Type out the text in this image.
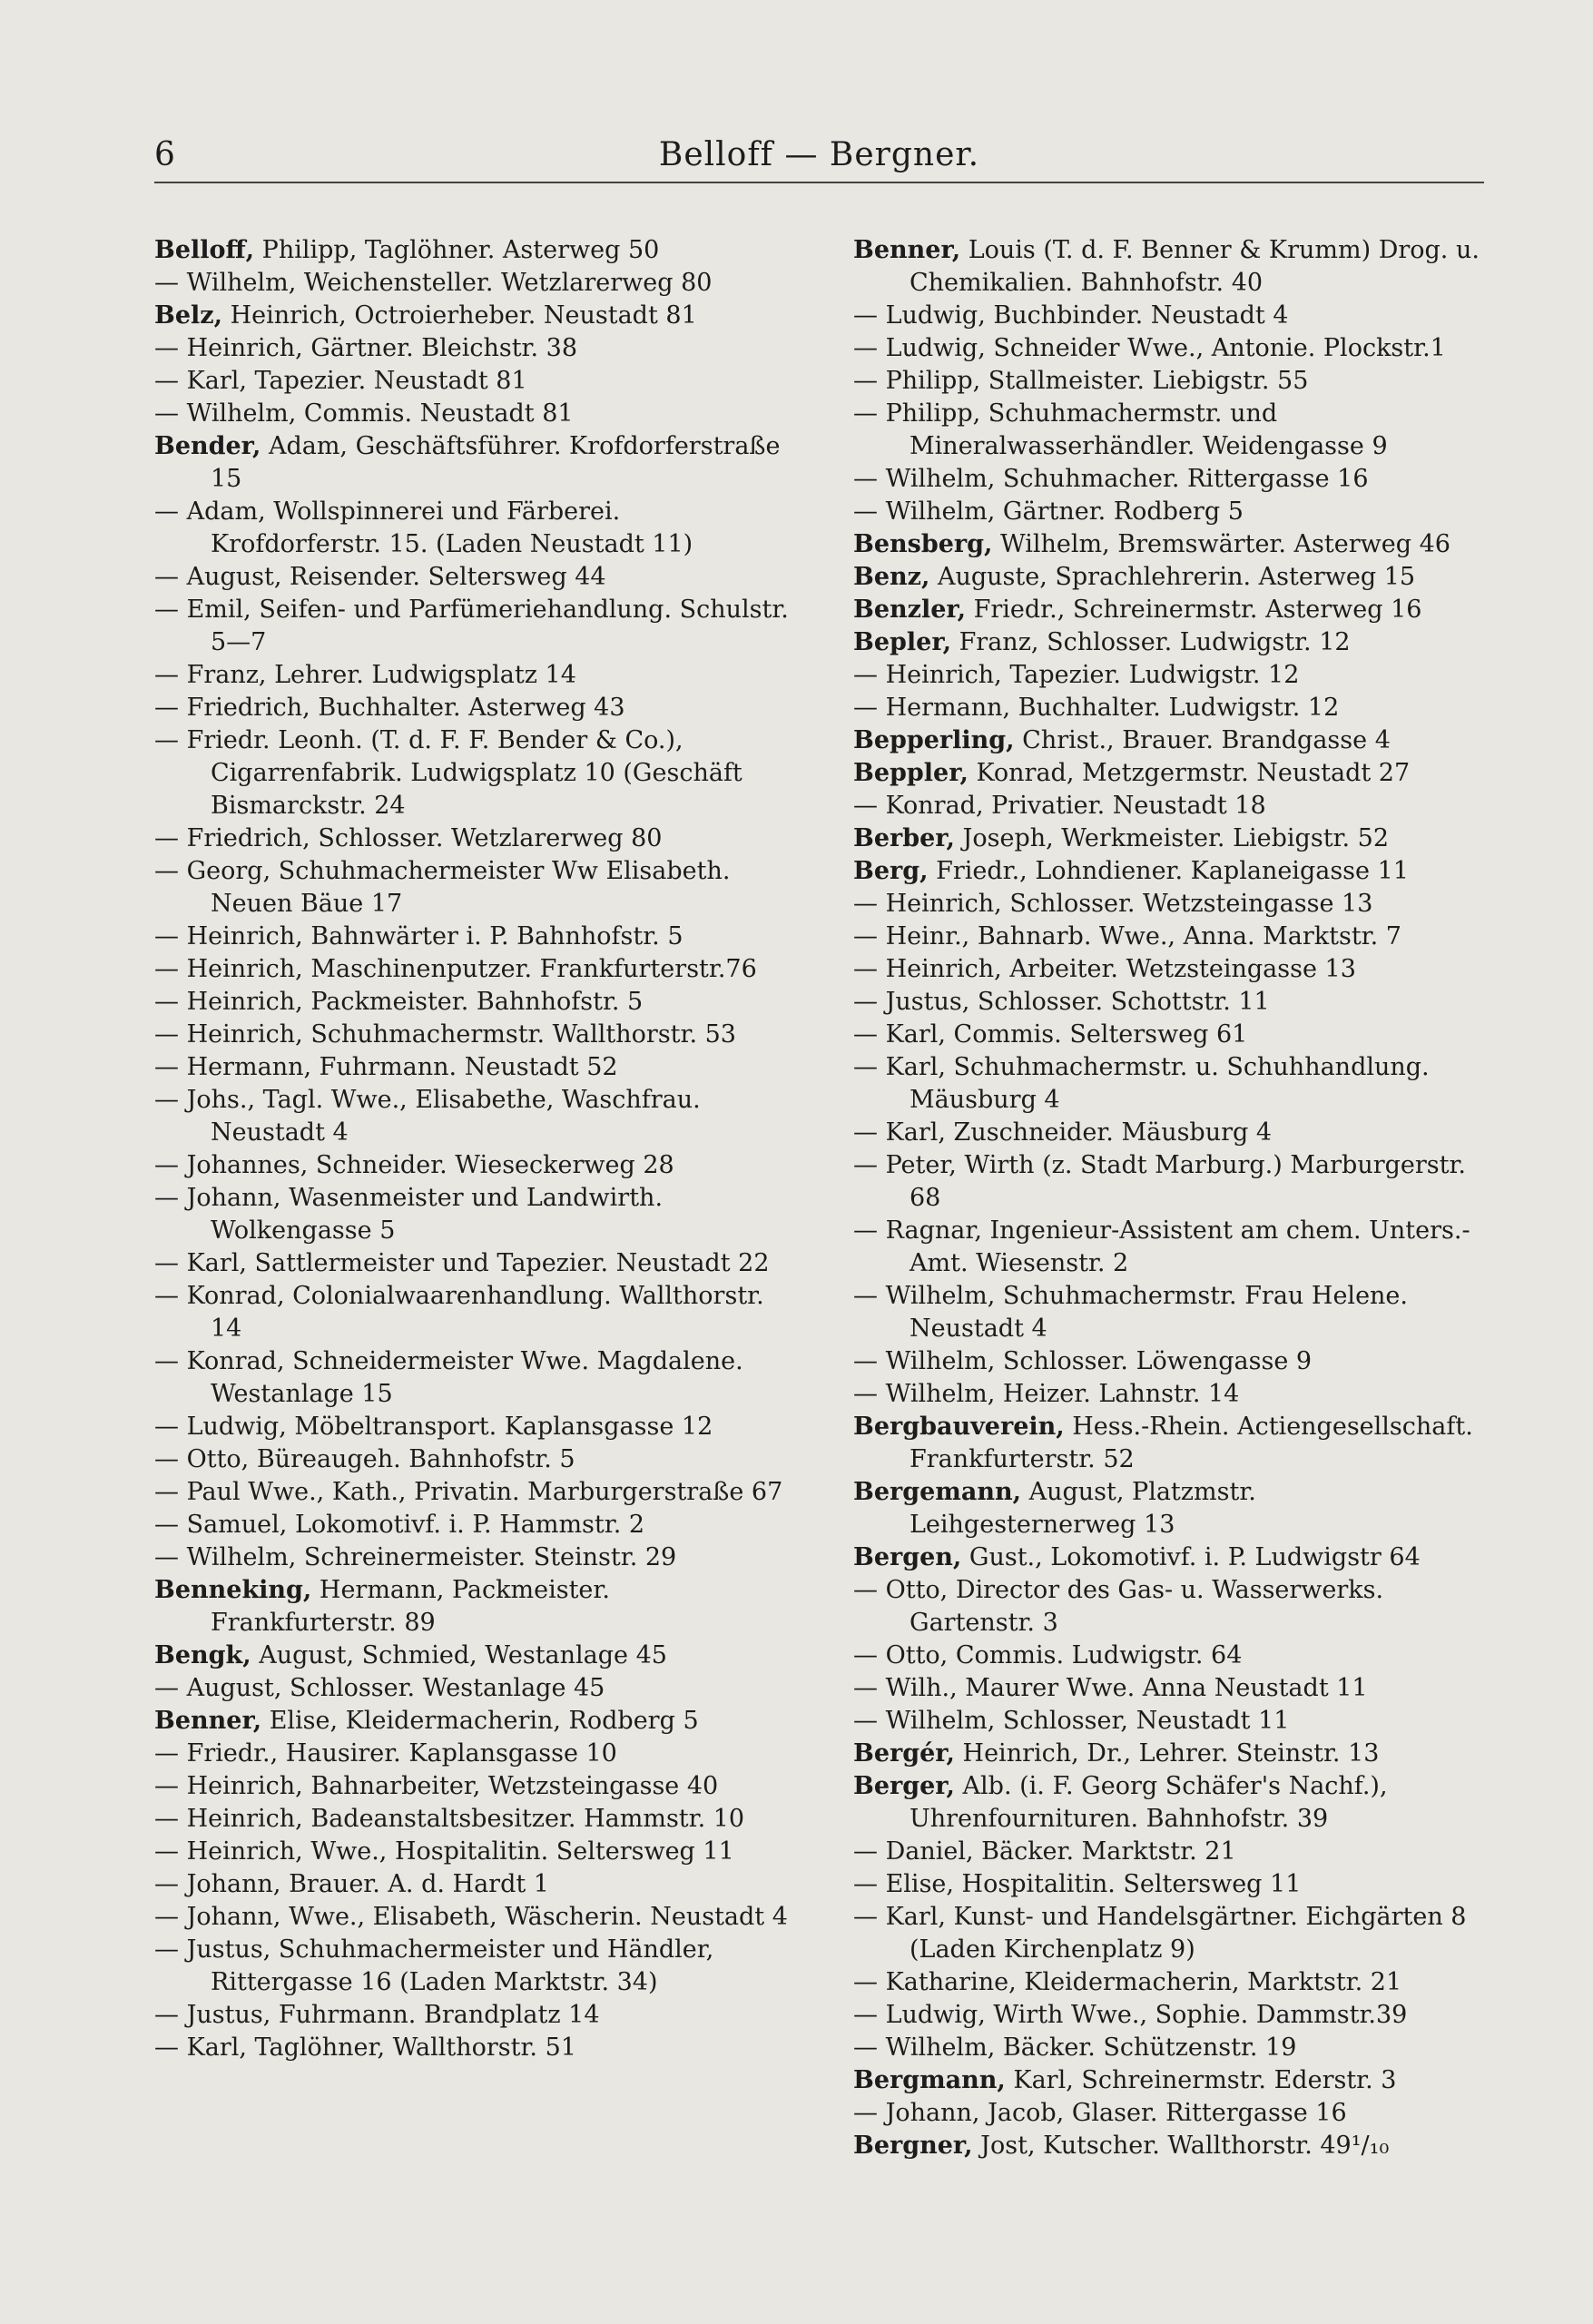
6	Belloff — Bergner.

Belloff, Philipp, Taglöhner. Asterweg 50

— Wilhelm, Weichensteller. Wetzlarerweg 80

Belz, Heinrich, Octroierheber. Neustadt 81

— Heinrich, Gärtner. Bleichstr. 38

— Karl, Tapezier. Neustadt 81

— Wilhelm, Commis. Neustadt 81

Bender, Adam, Geschäftsführer. Krofdorferstraße 15

— Adam, Wollspinnerei und Färberei. Krofdorferstr. 15. (Laden Neustadt 11)

— August, Reisender. Seltersweg 44

— Emil, Seifen- und Parfümeriehandlung. Schulstr. 5—7

— Franz, Lehrer. Ludwigsplatz 14

— Friedrich, Buchhalter. Asterweg 43

— Friedr. Leonh. (T. d. F. F. Bender & Co.), Cigarrenfabrik. Ludwigsplatz 10 (Geschäft Bismarckstr. 24

— Friedrich, Schlosser. Wetzlarerweg 80

— Georg, Schuhmachermeister Ww Elisabeth. Neuen Bäue 17

— Heinrich, Bahnwärter i. P. Bahnhofstr. 5

— Heinrich, Maschinenputzer. Frankfurterstr.76

— Heinrich, Packmeister. Bahnhofstr. 5

— Heinrich, Schuhmachermstr. Wallthorstr. 53

— Hermann, Fuhrmann. Neustadt 52

— Johs., Tagl. Wwe., Elisabethe, Waschfrau. Neustadt 4

— Johannes, Schneider. Wieseckerweg 28

— Johann, Wasenmeister und Landwirth. Wolkengasse 5

— Karl, Sattlermeister und Tapezier. Neustadt 22

— Konrad, Colonialwaarenhandlung. Wallthorstr. 14

— Konrad, Schneidermeister Wwe. Magdalene. Westanlage 15

— Ludwig, Möbeltransport. Kaplansgasse 12

— Otto, Büreaugeh. Bahnhofstr. 5

— Paul Wwe., Kath., Privatin. Marburgerstraße 67

— Samuel, Lokomotivf. i. P. Hammstr. 2

— Wilhelm, Schreinermeister. Steinstr. 29

Benneking, Hermann, Packmeister. Frankfurterstr. 89

Bengk, August, Schmied, Westanlage 45

— August, Schlosser. Westanlage 45

Benner, Elise, Kleidermacherin, Rodberg 5

— Friedr., Hausirer. Kaplansgasse 10

— Heinrich, Bahnarbeiter, Wetzsteingasse 40

— Heinrich, Badeanstaltsbesitzer. Hammstr. 10

— Heinrich, Wwe., Hospitalitin. Seltersweg 11

— Johann, Brauer. A. d. Hardt 1

— Johann, Wwe., Elisabeth, Wäscherin. Neustadt 4

— Justus, Schuhmachermeister und Händler, Rittergasse 16 (Laden Marktstr. 34)

— Justus, Fuhrmann. Brandplatz 14

— Karl, Taglöhner, Wallthorstr. 51

Benner, Louis (T. d. F. Benner & Krumm) Drog. u. Chemikalien. Bahnhofstr. 40

— Ludwig, Buchbinder. Neustadt 4

— Ludwig, Schneider Wwe., Antonie. Plockstr.1

— Philipp, Stallmeister. Liebigstr. 55

— Philipp, Schuhmachermstr. und Mineralwasserhändler. Weidengasse 9

— Wilhelm, Schuhmacher. Rittergasse 16

— Wilhelm, Gärtner. Rodberg 5

Bensberg, Wilhelm, Bremswärter. Asterweg 46

Benz, Auguste, Sprachlehrerin. Asterweg 15

Benzler, Friedr., Schreinermstr. Asterweg 16

Bepler, Franz, Schlosser. Ludwigstr. 12

— Heinrich, Tapezier. Ludwigstr. 12

— Hermann, Buchhalter. Ludwigstr. 12

Bepperling, Christ., Brauer. Brandgasse 4

Beppler, Konrad, Metzgermstr. Neustadt 27

— Konrad, Privatier. Neustadt 18

Berber, Joseph, Werkmeister. Liebigstr. 52

Berg, Friedr., Lohndiener. Kaplaneigasse 11

— Heinrich, Schlosser. Wetzsteingasse 13

— Heinr., Bahnarb. Wwe., Anna. Marktstr. 7

— Heinrich, Arbeiter. Wetzsteingasse 13

— Justus, Schlosser. Schottstr. 11

— Karl, Commis. Seltersweg 61

— Karl, Schuhmachermstr. u. Schuhhandlung. Mäusburg 4

— Karl, Zuschneider. Mäusburg 4

— Peter, Wirth (z. Stadt Marburg.) Marburgerstr. 68

— Ragnar, Ingenieur-Assistent am chem. Unters.-Amt. Wiesenstr. 2

— Wilhelm, Schuhmachermstr. Frau Helene. Neustadt 4

— Wilhelm, Schlosser. Löwengasse 9

— Wilhelm, Heizer. Lahnstr. 14

Bergbauverein, Hess.-Rhein. Actiengesellschaft. Frankfurterstr. 52

Bergemann, August, Platzmstr. Leihgesternerweg 13

Bergen, Gust., Lokomotivf. i. P. Ludwigstr 64

— Otto, Director des Gas- u. Wasserwerks. Gartenstr. 3

— Otto, Commis. Ludwigstr. 64

— Wilh., Maurer Wwe. Anna Neustadt 11

— Wilhelm, Schlosser, Neustadt 11

Bergér, Heinrich, Dr., Lehrer. Steinstr. 13

Berger, Alb. (i. F. Georg Schäfer's Nachf.), Uhrenfournituren. Bahnhofstr. 39

— Daniel, Bäcker. Marktstr. 21

— Elise, Hospitalitin. Seltersweg 11

— Karl, Kunst- und Handelsgärtner. Eichgärten 8 (Laden Kirchenplatz 9)

— Katharine, Kleidermacherin, Marktstr. 21

— Ludwig, Wirth Wwe., Sophie. Dammstr.39

— Wilhelm, Bäcker. Schützenstr. 19

Bergmann, Karl, Schreinermstr. Ederstr. 3

— Johann, Jacob, Glaser. Rittergasse 16

Bergner, Jost, Kutscher. Wallthorstr. 49¹/₁₀
